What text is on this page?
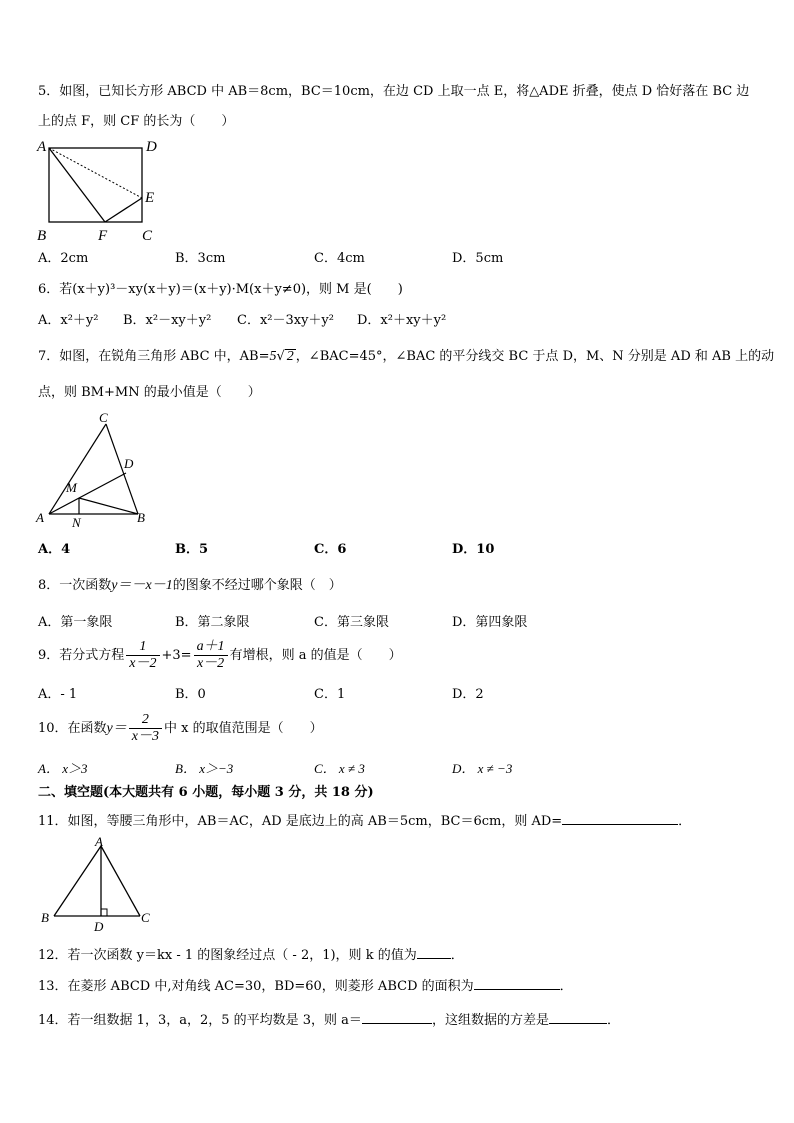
5．如图，已知长方形 ABCD 中 AB＝8cm，BC＝10cm，在边 CD 上取一点 E，将△ADE 折叠，使点 D 恰好落在 BC 边
上的点 F，则 CF 的长为（　　）
A	D
E
B	F C
A．2cm	B．3cm	C．4cm	D．5cm
6．若(x＋y)³－xy(x＋y)＝(x＋y)·M(x＋y≠0)，则 M 是(　　)
A．x²＋y² B．x²－xy＋y² C．x²－3xy＋y² D．x²＋xy＋y²
7．如图，在锐角三角形 ABC 中，AB=5√ 2 ，∠BAC=45°，∠BAC 的平分线交 BC 于点 D，M、N 分别是 AD 和 AB 上的动
点，则 BM+MN 的最小值是（　　）
C
D
M
A N	B
A．4	B．5	C．6	D．10
8．一次函数y＝－x－1的图象不经过哪个象限（　）
A．第一象限	B．第二象限	C．第三象限	D．第四象限
9．若分式方程 $\frac{1}{x-2} +3= \frac{a+1}{x-2}$ 有增根，则 a 的值是（　　）
A．- 1	B．0	C．1	D．2
10．在函数$y= \frac{2}{x-3}$ 中 x 的取值范围是（　　）
A． x＞3	B． x＞−3	C． x ≠ 3	D． x ≠ −3
二、填空题(本大题共有 6 小题，每小题 3 分，共 18 分)
11．如图，等腰三角形中，AB＝AC，AD 是底边上的高 AB＝5cm，BC＝6cm，则 AD=	．
A
B
D
C
12．若一次函数 y＝kx - 1 的图象经过点（ - 2，1)，则 k 的值为	．
13．在菱形 ABCD 中,对角线 AC=30，BD=60，则菱形 ABCD 的面积为	．
14．若一组数据 1，3，a，2，5 的平均数是 3，则 a＝	，这组数据的方差是	．
